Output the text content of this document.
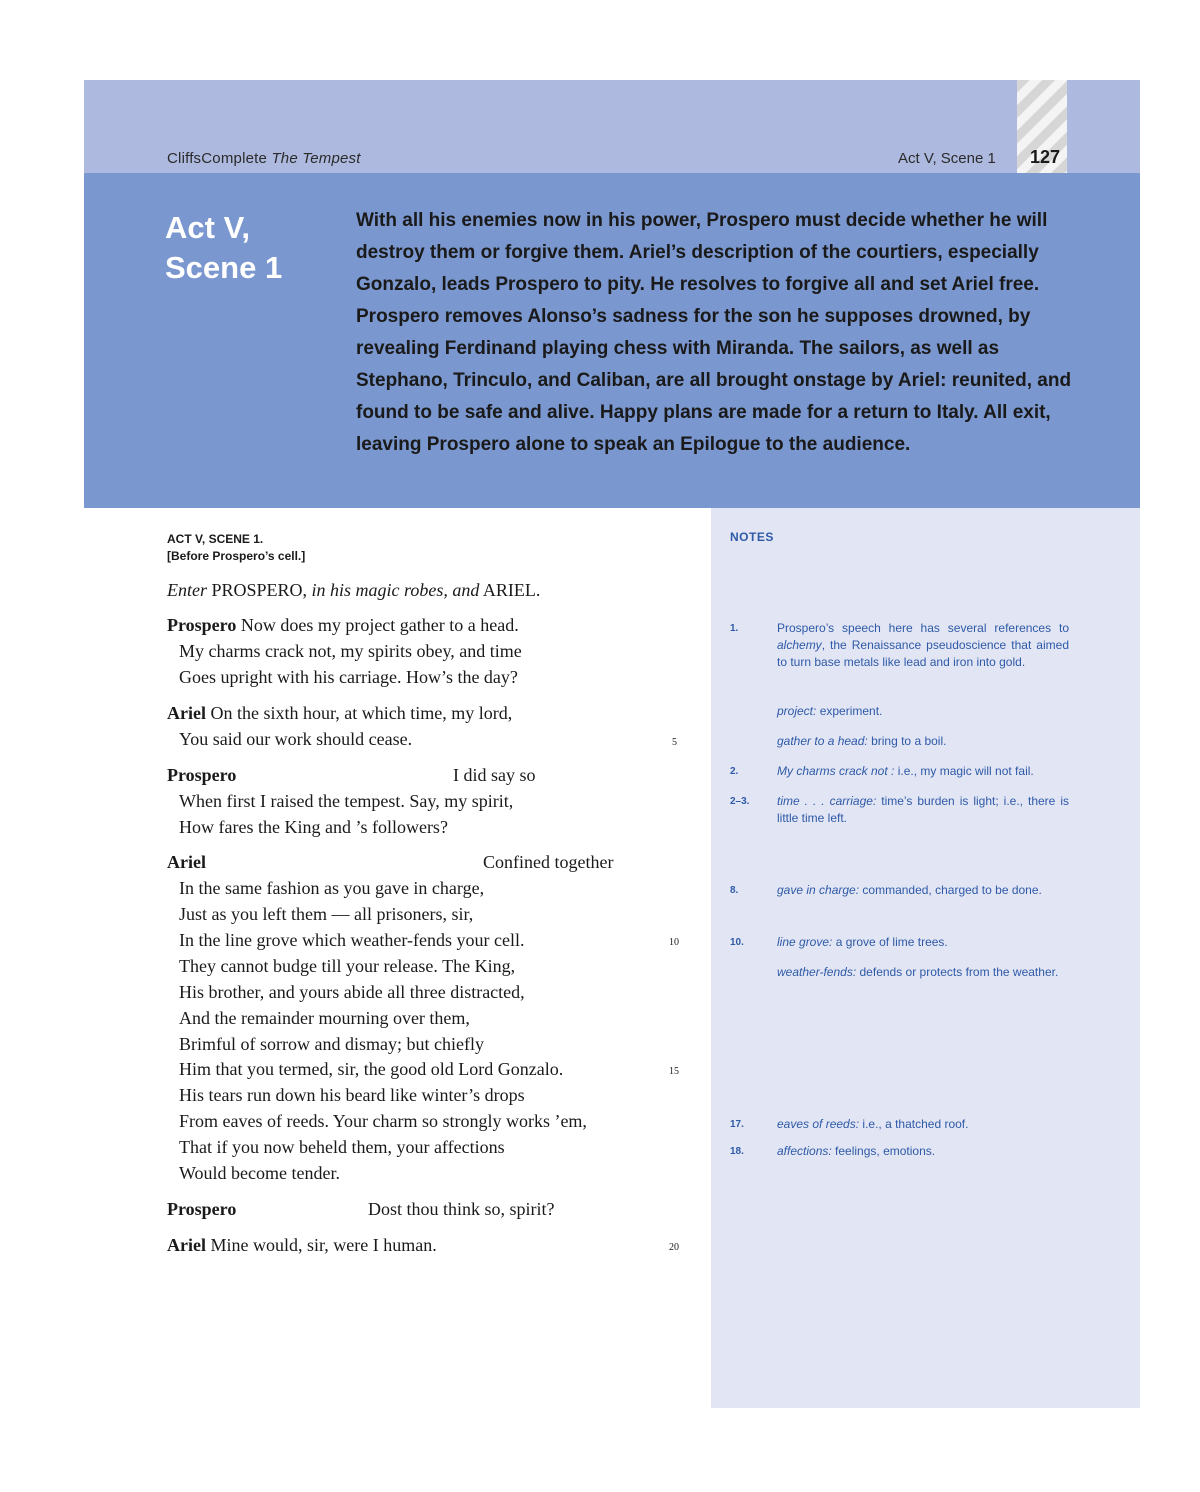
CliffsComplete The Tempest	Act V, Scene 1 127
Act V,
Scene 1

With all his enemies now in his power, Prospero must decide whether he will destroy them or forgive them. Ariel’s description of the courtiers, especially Gonzalo, leads Prospero to pity. He resolves to forgive all and set Ariel free. Prospero removes Alonso’s sadness for the son he supposes drowned, by revealing Ferdinand playing chess with Miranda. The sailors, as well as Stephano, Trinculo, and Caliban, are all brought onstage by Ariel: reunited, and found to be safe and alive. Happy plans are made for a return to Italy. All exit, leaving Prospero alone to speak an Epilogue to the audience.

NOTES
1.	Prospero’s speech here has several references to alchemy, the Renaissance pseudoscience that aimed to turn base metals like lead and iron into gold.
project: experiment.
gather to a head: bring to a boil.
2.	My charms crack not : i.e., my magic will not fail.
2–3.	time . . . carriage: time’s burden is light; i.e., there is little time left.
8.	gave in charge: commanded, charged to be done.
10.	line grove: a grove of lime trees.
weather-fends: defends or protects from the weather.
17.	eaves of reeds: i.e., a thatched roof.
18.	affections: feelings, emotions.
ACT V, SCENE 1.
[Before Prospero’s cell.]
Enter PROSPERO, in his magic robes, and ARIEL.
Prospero Now does my project gather to a head.
My charms crack not, my spirits obey, and time
Goes upright with his carriage. How’s the day?
Ariel On the sixth hour, at which time, my lord,
You said our work should cease.
Prospero	I did say so
When first I raised the tempest. Say, my spirit,
How fares the King and ’s followers?
Ariel	Confined together
In the same fashion as you gave in charge,
Just as you left them — all prisoners, sir,
In the line grove which weather-fends your cell.
They cannot budge till your release. The King,
His brother, and yours abide all three distracted,
And the remainder mourning over them,
Brimful of sorrow and dismay; but chiefly
Him that you termed, sir, the good old Lord Gonzalo.
His tears run down his beard like winter’s drops
From eaves of reeds. Your charm so strongly works ’em,
That if you now beheld them, your affections
Would become tender.
Prospero	Dost thou think so, spirit?
Ariel Mine would, sir, were I human.
5
10
15
20
